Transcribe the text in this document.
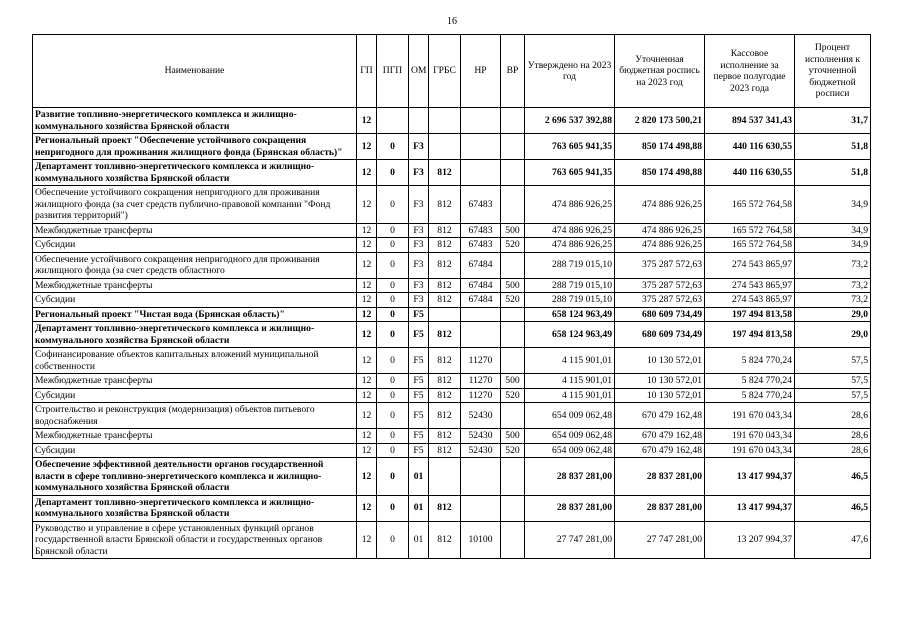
16
Наименование	ГП	ПГП	ОМ	ГРБС	НР	ВР	Утверждено на 2023 год	Уточненная бюджетная роспись на 2023 год	Кассовое исполнение за первое полугодие 2023 года	Процент исполнения к уточненной бюджетной росписи
Развитие топливно-энергетического комплекса и жилищно-коммунального хозяйства Брянской области	12						2 696 537 392,88	2 820 173 500,21	894 537 341,43	31,7
Региональный проект "Обеспечение устойчивого сокращения непригодного для проживания жилищного фонда (Брянская область)"	12	0	F3				763 605 941,35	850 174 498,88	440 116 630,55	51,8
Департамент топливно-энергетического комплекса и жилищно-коммунального хозяйства Брянской области	12	0	F3	812			763 605 941,35	850 174 498,88	440 116 630,55	51,8
Обеспечение устойчивого сокращения непригодного для проживания жилищного фонда (за счет средств публично-правовой компании "Фонд развития территорий")	12	0	F3	812	67483		474 886 926,25	474 886 926,25	165 572 764,58	34,9
Межбюджетные трансферты	12	0	F3	812	67483	500	474 886 926,25	474 886 926,25	165 572 764,58	34,9
Субсидии	12	0	F3	812	67483	520	474 886 926,25	474 886 926,25	165 572 764,58	34,9
Обеспечение устойчивого сокращения непригодного для проживания жилищного фонда (за счет средств областного	12	0	F3	812	67484		288 719 015,10	375 287 572,63	274 543 865,97	73,2
Межбюджетные трансферты	12	0	F3	812	67484	500	288 719 015,10	375 287 572,63	274 543 865,97	73,2
Субсидии	12	0	F3	812	67484	520	288 719 015,10	375 287 572,63	274 543 865,97	73,2
Региональный проект "Чистая вода (Брянская область)"	12	0	F5				658 124 963,49	680 609 734,49	197 494 813,58	29,0
Департамент топливно-энергетического комплекса и жилищно-коммунального хозяйства Брянской области	12	0	F5	812			658 124 963,49	680 609 734,49	197 494 813,58	29,0
Софинансирование объектов капитальных вложений муниципальной собственности	12	0	F5	812	11270		4 115 901,01	10 130 572,01	5 824 770,24	57,5
Межбюджетные трансферты	12	0	F5	812	11270	500	4 115 901,01	10 130 572,01	5 824 770,24	57,5
Субсидии	12	0	F5	812	11270	520	4 115 901,01	10 130 572,01	5 824 770,24	57,5
Строительство и реконструкция (модернизация) объектов питьевого водоснабжения	12	0	F5	812	52430		654 009 062,48	670 479 162,48	191 670 043,34	28,6
Межбюджетные трансферты	12	0	F5	812	52430	500	654 009 062,48	670 479 162,48	191 670 043,34	28,6
Субсидии	12	0	F5	812	52430	520	654 009 062,48	670 479 162,48	191 670 043,34	28,6
Обеспечение эффективной деятельности органов государственной власти в сфере топливно-энергетического комплекса и жилищно-коммунального хозяйства Брянской области	12	0	01				28 837 281,00	28 837 281,00	13 417 994,37	46,5
Департамент топливно-энергетического комплекса и жилищно-коммунального хозяйства Брянской области	12	0	01	812			28 837 281,00	28 837 281,00	13 417 994,37	46,5
Руководство и управление в сфере установленных функций органов государственной власти Брянской области и государственных органов Брянской области	12	0	01	812	10100		27 747 281,00	27 747 281,00	13 207 994,37	47,6
